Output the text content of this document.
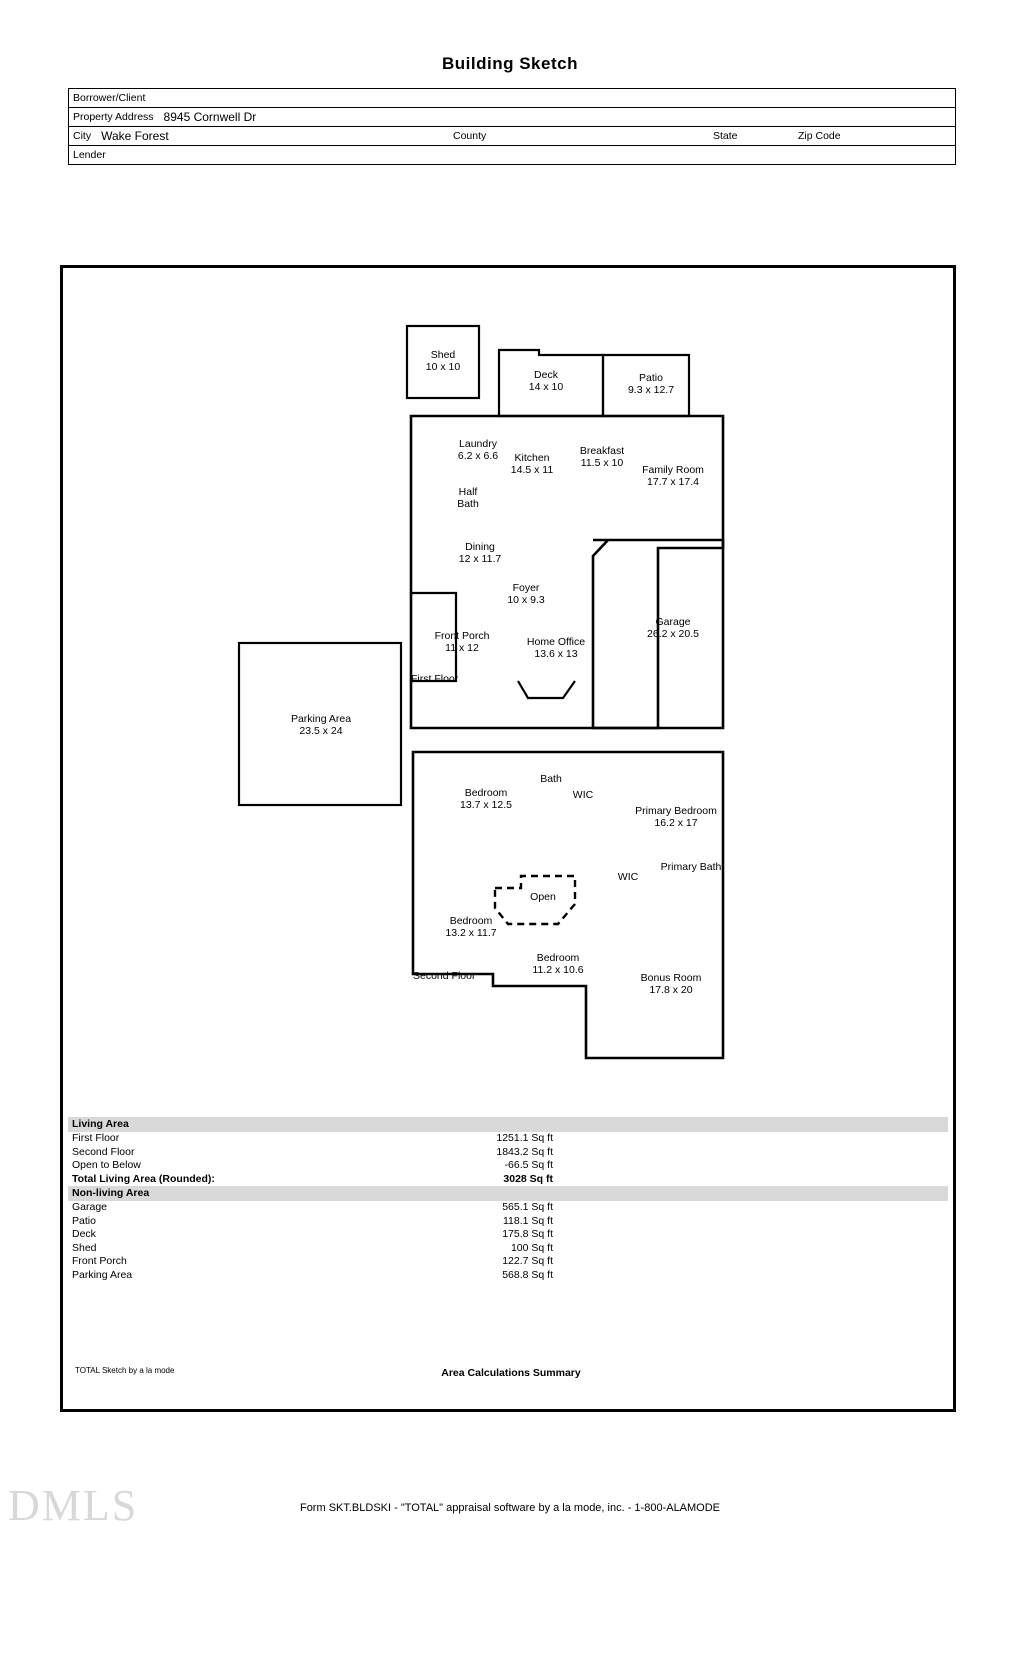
Building Sketch
Borrower/Client
Property Address 8945 Cornwell Dr
City Wake Forest	County	State	Zip Code
Lender
Shed
10 x 10
Deck
14 x 10
Patio
9.3 x 12.7
Laundry
6.2 x 6.6	Kitchen
14.5 x 11
Breakfast
11.5 x 10
Family Room
17.7 x 17.4
Half
Bath
Dining
12 x 11.7
Foyer
10 x 9.3
Front Porch
11 x 12	Home Office
13.6 x 13
Garage
26.2 x 20.5
Parking Area
23.5 x 24
First Floor
Bath
Bedroom
13.7 x 12.5
WIC
Primary Bedroom
16.2 x 17
WIC
Primary Bath
Open
Bedroom
13.2 x 11.7
Bedroom
11.2 x 10.6
Bonus Room
17.8 x 20
Second Floor
TOTAL Sketch by a la mode	Area Calculations Summary
Living Area
First Floor	1251.1 Sq ft
Second Floor	1843.2 Sq ft
Open to Below	-66.5 Sq ft
Total Living Area (Rounded):	3028 Sq ft
Non-living Area
Garage	565.1 Sq ft
Patio	118.1 Sq ft
Deck	175.8 Sq ft
Shed	100 Sq ft
Front Porch	122.7 Sq ft
Parking Area	568.8 Sq ft
DMLS	Form SKT.BLDSKI - "TOTAL" appraisal software by a la mode, inc. - 1-800-ALAMODE
